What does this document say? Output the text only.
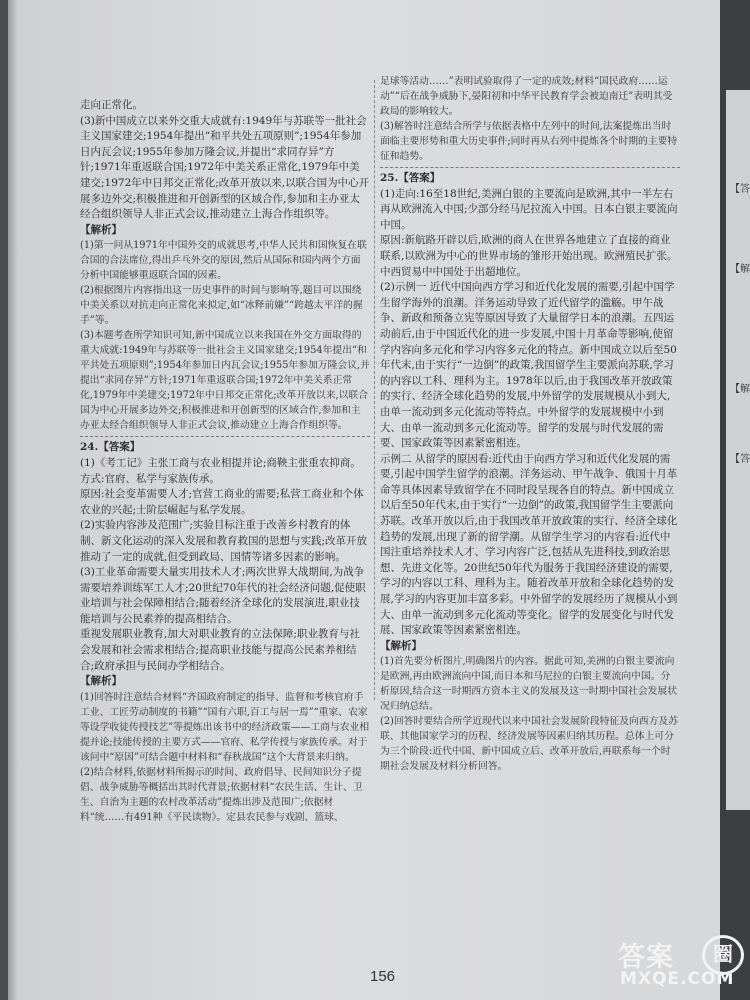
走向正常化。

(3)新中国成立以来外交重大成就有:1949年与苏联等一批社会主义国家建交;1954年提出“和平共处五项原则”;1954年参加日内瓦会议;1955年参加万隆会议,并提出“求同存异”方针;1971年重返联合国;1972年中美关系正常化,1979年中美建交;1972年中日邦交正常化;改革开放以来,以联合国为中心开展多边外交;积极推进和开创新型的区域合作,参加和主办亚太经合组织领导人非正式会议,推动建立上海合作组织等。

【解析】

(1)第一问从1971年中国外交的成就思考,中华人民共和国恢复在联合国的合法席位,得出乒乓外交的原因,然后从国际和国内两个方面分析中国能够重返联合国的因素。

(2)根据图片内容指出这一历史事件的时间与影响等,题目可以围绕中美关系以对抗走向正常化来拟定,如“冰释前嫌”“跨越太平洋的握手”等。

(3)本题考查所学知识可知,新中国成立以来我国在外交方面取得的重大成就:1949年与苏联等一批社会主义国家建交;1954年提出“和平共处五项原则”;1954年参加日内瓦会议;1955年参加万隆会议,并提出“求同存异”方针;1971年重返联合国;1972年中美关系正常化,1979年中美建交;1972年中日邦交正常化;改革开放以来,以联合国为中心开展多边外交;积极推进和开创新型的区域合作,参加和主办亚太经合组织领导人非正式会议,推动建立上海合作组织等。

24.【答案】

(1)《考工记》主张工商与农业相提并论;商鞅主张重农抑商。

方式:官府、私学与家族传承。

原因:社会变革需要人才;官营工商业的需要;私营工商业和个体农业的兴起;士阶层崛起与私学发展。

(2)实验内容涉及范围广;实验目标注重于改善乡村教育的体制、新文化运动的深入发展和教育救国的思想与实践;改革开放推动了一定的成就,但受到政局、国情等诸多因素的影响。

(3)工业革命需要大量实用技术人才;两次世界大战期间,为战争需要培养训练军工人才;20世纪70年代的社会经济问题,促使职业培训与社会保障相结合;随着经济全球化的发展演进,职业技能培训与公民素养的提高相结合。

重视发展职业教育,加大对职业教育的立法保障;职业教育与社会发展和社会需求相结合;提高职业技能与提高公民素养相结合;政府承担与民间办学相结合。

【解析】

(1)回答时注意结合材料“齐国政府制定的指导、监督和考核官府手工业、工匠劳动制度的书籍”“国有六职,百工与居一焉”“重家、农家等设学收徒传授技艺”等提炼出该书中的经济政策——工商与农业相提并论;技能传授的主要方式——官府、私学传授与家族传承。对于该问中“原因”可结合题中材料和“春秋战国”这个大背景来归纳。

(2)结合材料,依据材料所揭示的时间、政府倡导、民间知识分子提倡、战争威胁等概括出其时代背景;依据材料“农民生活、生计、卫生、自治为主题的农村改革活动”提炼出涉及范围广;依据材料“统……有491种《平民读物》。定县农民参与戏剧、篮球、

足球等活动……”表明试验取得了一定的成效;材料“国民政府……运动”“后在战争威胁下,晏阳初和中华平民教育学会被迫南迁”表明其受政局的影响较大。

(3)解答时注意结合所学与依据表格中左列中的时间,法案提炼出当时面临主要形势和重大历史事件;同时再从右列中提炼各个时期的主要特征和趋势。

25.【答案】

(1)走向:16至18世纪,美洲白银的主要流向是欧洲,其中一半左右再从欧洲流入中国;少部分经马尼拉流入中国。日本白银主要流向中国。

原因:新航路开辟以后,欧洲的商人在世界各地建立了直接的商业联系,以欧洲为中心的世界市场的雏形开始出现。欧洲殖民扩张。中西贸易中中国处于出超地位。

(2)示例一 近代中国向西方学习和近代化发展的需要,引起中国学生留学海外的浪潮。洋务运动导致了近代留学的滥觞。甲午战争、新政和预备立宪等原因导致了大量留学日本的浪潮。五四运动前后,由于中国近代化的进一步发展,中国十月革命等影响,使留学内容向多元化和学习内容多元化的特点。新中国成立以后至50年代末,由于实行“一边倒”的政策,我国留学生主要派向苏联,学习的内容以工科、理科为主。1978年以后,由于我国改革开放政策的实行、经济全球化趋势的发展,中外留学的发展规模从小到大,由单一流动到多元化流动等特点。中外留学的发展规模中小到大、由单一流动到多元化流动等。留学的发展与时代发展的需要、国家政策等因素紧密相连。

示例二 从留学的原因看:近代由于向西方学习和近代化发展的需要,引起中国学生留学的浪潮。洋务运动、甲午战争、俄国十月革命等具体因素导致留学在不同时段呈现各自的特点。新中国成立以后至50年代末,由于实行“一边倒”的政策,我国留学生主要派向苏联。改革开放以后,由于我国改革开放政策的实行、经济全球化趋势的发展,出现了新的留学潮。从留学生学习的内容看:近代中国注重培养技术人才、学习内容广泛,包括从先进科技,到政治思想、先进文化等。20世纪50年代为服务于我国经济建设的需要,学习的内容以工科、理科为主。随着改革开放和全球化趋势的发展,学习的内容更加丰富多彩。中外留学的发展经历了规模从小到大、由单一流动到多元化流动等变化。留学的发展变化与时代发展、国家政策等因素紧密相连。

【解析】

(1)首先要分析图片,明确图片的内容。据此可知,美洲的白银主要流向是欧洲,再由欧洲流向中国,而日本和马尼拉的白银主要流向中国。分析原因,结合这一时期西方资本主义的发展及这一时期中国社会发展状况归纳总结。

(2)回答时要结合所学近现代以来中国社会发展阶段特征及向西方及苏联、其他国家学习的历程、经济发展等因素归纳其历程。总体上可分为三个阶段:近代中国、新中国成立后、改革开放后,再联系每一个时期社会发展及材料分析回答。

156
【答
【解
【解
【答
答案	圈
MXQE.COM
